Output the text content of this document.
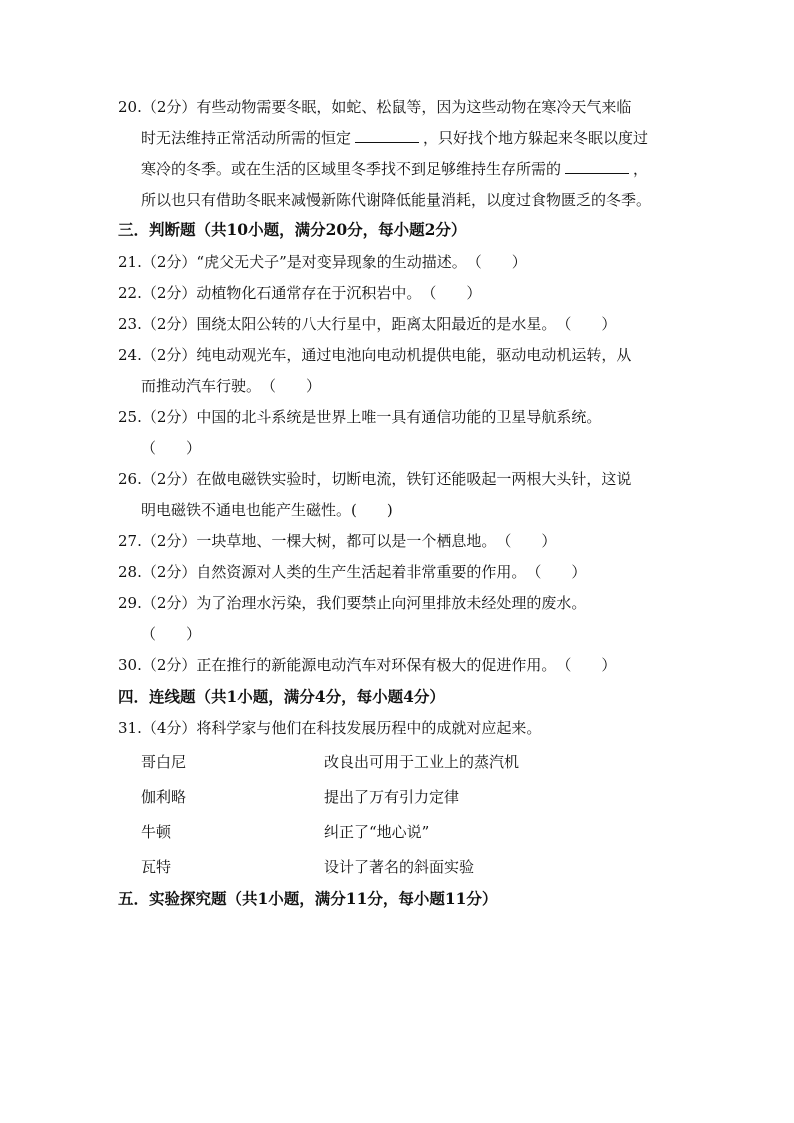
20.（2分）有些动物需要冬眠，如蛇、松鼠等，因为这些动物在寒冷天气来临
时无法维持正常活动所需的恒定	，只好找个地方躲起来冬眠以度过
寒冷的冬季。或在生活的区域里冬季找不到足够维持生存所需的	，
所以也只有借助冬眠来减慢新陈代谢降低能量消耗，以度过食物匮乏的冬季。
三．判断题（共10小题，满分20分，每小题2分）
21.（2分）“虎父无犬子”是对变异现象的生动描述。　（　　）
22.（2分）动植物化石通常存在于沉积岩中。　（　　）
23.（2分）围绕太阳公转的八大行星中，距离太阳最近的是水星。　（　　）
24.（2分）纯电动观光车，通过电池向电动机提供电能，驱动电动机运转，从
而推动汽车行驶。　（　　）
25.（2分）中国的北斗系统是世界上唯一具有通信功能的卫星导航系统。
（　　）
26.（2分）在做电磁铁实验时，切断电流，铁钉还能吸起一两根大头针，这说
明电磁铁不通电也能产生磁性。(　　)
27.（2分）一块草地、一棵大树，都可以是一个栖息地。　（　　）
28.（2分）自然资源对人类的生产生活起着非常重要的作用。　（　　）
29.（2分）为了治理水污染，我们要禁止向河里排放未经处理的废水。
（　　）
30.（2分）正在推行的新能源电动汽车对环保有极大的促进作用。　（　　）
四．连线题（共1小题，满分4分，每小题4分）
31.（4分）将科学家与他们在科技发展历程中的成就对应起来。
哥白尼	改良出可用于工业上的蒸汽机
伽利略	提出了万有引力定律
牛顿	纠正了“地心说”
瓦特	设计了著名的斜面实验
五．实验探究题（共1小题，满分11分，每小题11分）
